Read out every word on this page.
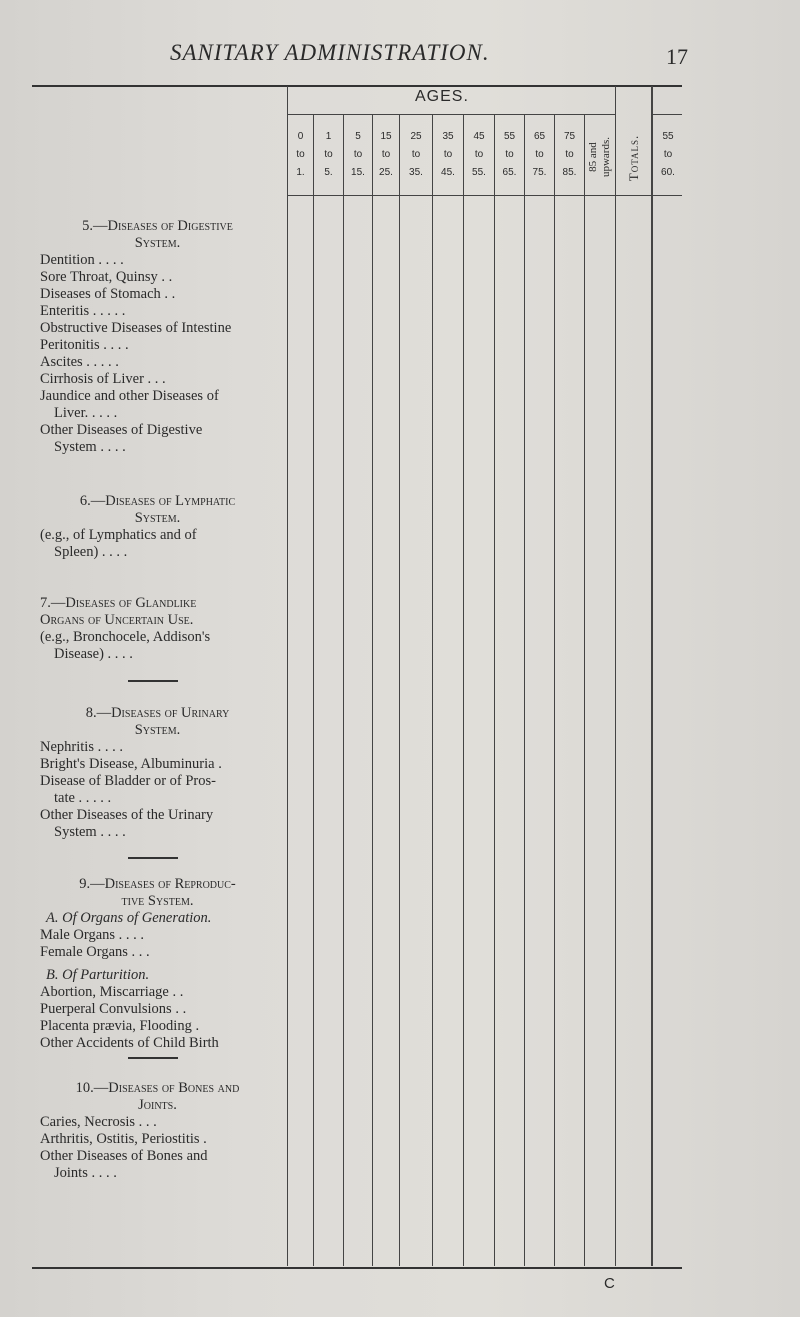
SANITARY ADMINISTRATION.	17
AGES.
0
to
1.
1
to
5.
5
to
15.
15
to
25.
25
to
35.
35
to
45.
45
to
55.
55
to
65.
65
to
75.
75
to
85.
85 and upwards. Totals.	55
to
60.
5.—Diseases of Digestive
System.
Dentition . . . .
Sore Throat, Quinsy . .
Diseases of Stomach . .
Enteritis . . . . .
Obstructive Diseases of Intestine
Peritonitis . . . .
Ascites . . . . .
Cirrhosis of Liver . . .
Jaundice and other Diseases of
Liver. . . . .
Other Diseases of Digestive
System . . . .
6.—Diseases of Lymphatic
System.
(e.g., of Lymphatics and of
Spleen) . . . .
7.—Diseases of Glandlike
Organs of Uncertain Use.
(e.g., Bronchocele, Addison's
Disease) . . . .
8.—Diseases of Urinary
System.
Nephritis . . . .
Bright's Disease, Albuminuria .
Disease of Bladder or of Pros-
tate . . . . .
Other Diseases of the Urinary
System . . . .
9.—Diseases of Reproduc-
tive System.
A. Of Organs of Generation.
Male Organs . . . .
Female Organs . . .
B. Of Parturition.
Abortion, Miscarriage . .
Puerperal Convulsions . .
Placenta prævia, Flooding .
Other Accidents of Child Birth
10.—Diseases of Bones and
Joints.
Caries, Necrosis . . .
Arthritis, Ostitis, Periostitis .
Other Diseases of Bones and
Joints . . . .
C
